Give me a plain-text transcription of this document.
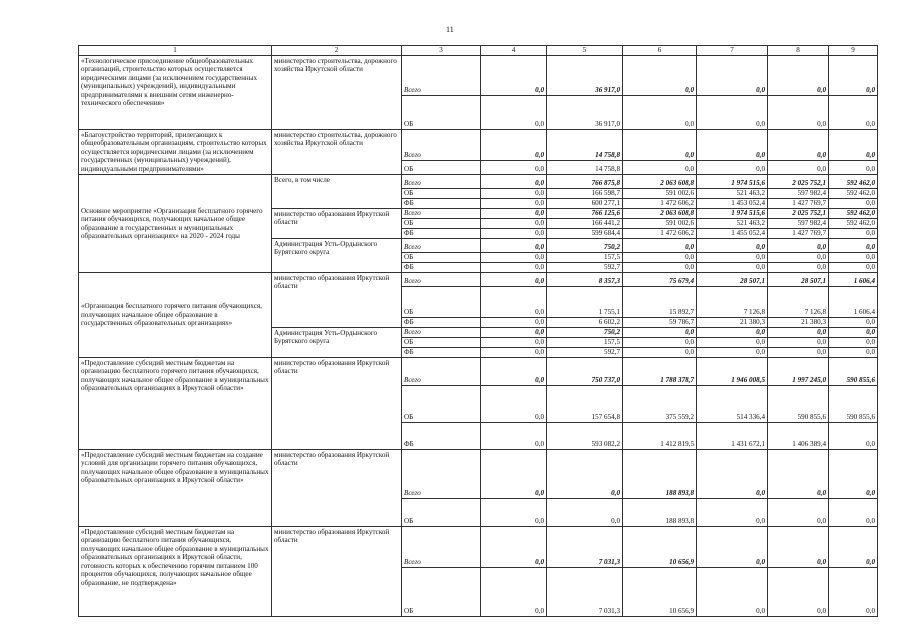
11
1	2	3	4	5	6	7	8	9
«Технологическое присоединение общеобразовательных организаций, строительство которых осуществляется юридическими лицами (за исключением государственных (муниципальных) учреждений), индивидуальными предпринимателями к внешним сетям инженерно-технического обеспечения»	министерство строительства, дорожного хозяйства Иркутской области	Всего	0,0	36 917,0	0,0	0,0	0,0	0,0
		ОБ	0,0	36 917,0	0,0	0,0	0,0	0,0
«Благоустройство территорий, прилегающих к общеобразовательным организациям, строительство которых осуществляется юридическими лицами (за исключением государственных (муниципальных) учреждений), индивидуальными предпринимателями»	министерство строительства, дорожного хозяйства Иркутской области	Всего	0,0	14 758,8	0,0	0,0	0,0	0,0
		ОБ	0,0	14 758,8	0,0	0,0	0,0	0,0
Основное мероприятие «Организация бесплатного горячего питания обучающихся, получающих начальное общее образование в государственных и муниципальных образовательных организациях» на 2020 - 2024 годы	Всего, в том числе	Всего	0,0	766 875,8	2 063 608,8	1 974 515,6	2 025 752,1	592 462,0
		ОБ	0,0	166 598,7	591 002,6	521 463,2	597 982,4	592 462,0
		ФБ	0,0	600 277,1	1 472 606,2	1 453 052,4	1 427 769,7	0,0
	министерство образования Иркутской области	Всего	0,0	766 125,6	2 063 608,8	1 974 515,6	2 025 752,1	592 462,0
		ОБ	0,0	166 441,2	591 002,6	521 463,2	597 982,4	592 462,0
		ФБ	0,0	599 684,4	1 472 606,2	1 455 052,4	1 427 769,7	0,0
	Администрация Усть-Ордынского Бурятского округа	Всего	0,0	750,2	0,0	0,0	0,0	0,0
		ОБ	0,0	157,5	0,0	0,0	0,0	0,0
		ФБ	0,0	592,7	0,0	0,0	0,0	0,0
«Организация бесплатного горячего питания обучающихся, получающих начальное общее образование в государственных образовательных организациях»	министерство образования Иркутской области	Всего	0,0	8 357,3	75 679,4	28 507,1	28 507,1	1 606,4
		ОБ	0,0	1 755,1	15 892,7	7 126,8	7 126,8	1 606,4
		ФБ	0,0	6 602,2	59 786,7	21 380,3	21 380,3	0,0
	Администрация Усть-Ордынского Бурятского округа	Всего	0,0	750,2	0,0	0,0	0,0	0,0
		ОБ	0,0	157,5	0,0	0,0	0,0	0,0
		ФБ	0,0	592,7	0,0	0,0	0,0	0,0
«Предоставление субсидий местным бюджетам на организацию бесплатного горячего питания обучающихся, получающих начальное общее образование в муниципальных образовательных организациях в Иркутской области»	министерство образования Иркутской области	Всего	0,0	750 737,0	1 788 378,7	1 946 008,5	1 997 245,0	590 855,6
		ОБ	0,0	157 654,8	375 559,2	514 336,4	590 855,6	590 855,6
		ФБ	0,0	593 082,2	1 412 819,5	1 431 672,1	1 406 389,4	0,0
«Предоставление субсидий местным бюджетам на создание условий для организации горячего питания обучающихся, получающих начальное общее образование в муниципальных образовательных организациях в Иркутской области»	министерство образования Иркутской области	Всего	0,0	0,0	188 893,8	0,0	0,0	0,0
		ОБ	0,0	0,0	188 893,8	0,0	0,0	0,0
«Предоставление субсидий местным бюджетам на организацию бесплатного питания обучающихся, получающих начальное общее образование в муниципальных образовательных организациях в Иркутской области, готовность которых к обеспечению горячим питанием 100 процентов обучающихся, получающих начальное общее образование, не подтверждена»	министерство образования Иркутской области	Всего	0,0	7 031,3	10 656,9	0,0	0,0	0,0
		ОБ	0,0	7 031,3	10 656,9	0,0	0,0	0,0
